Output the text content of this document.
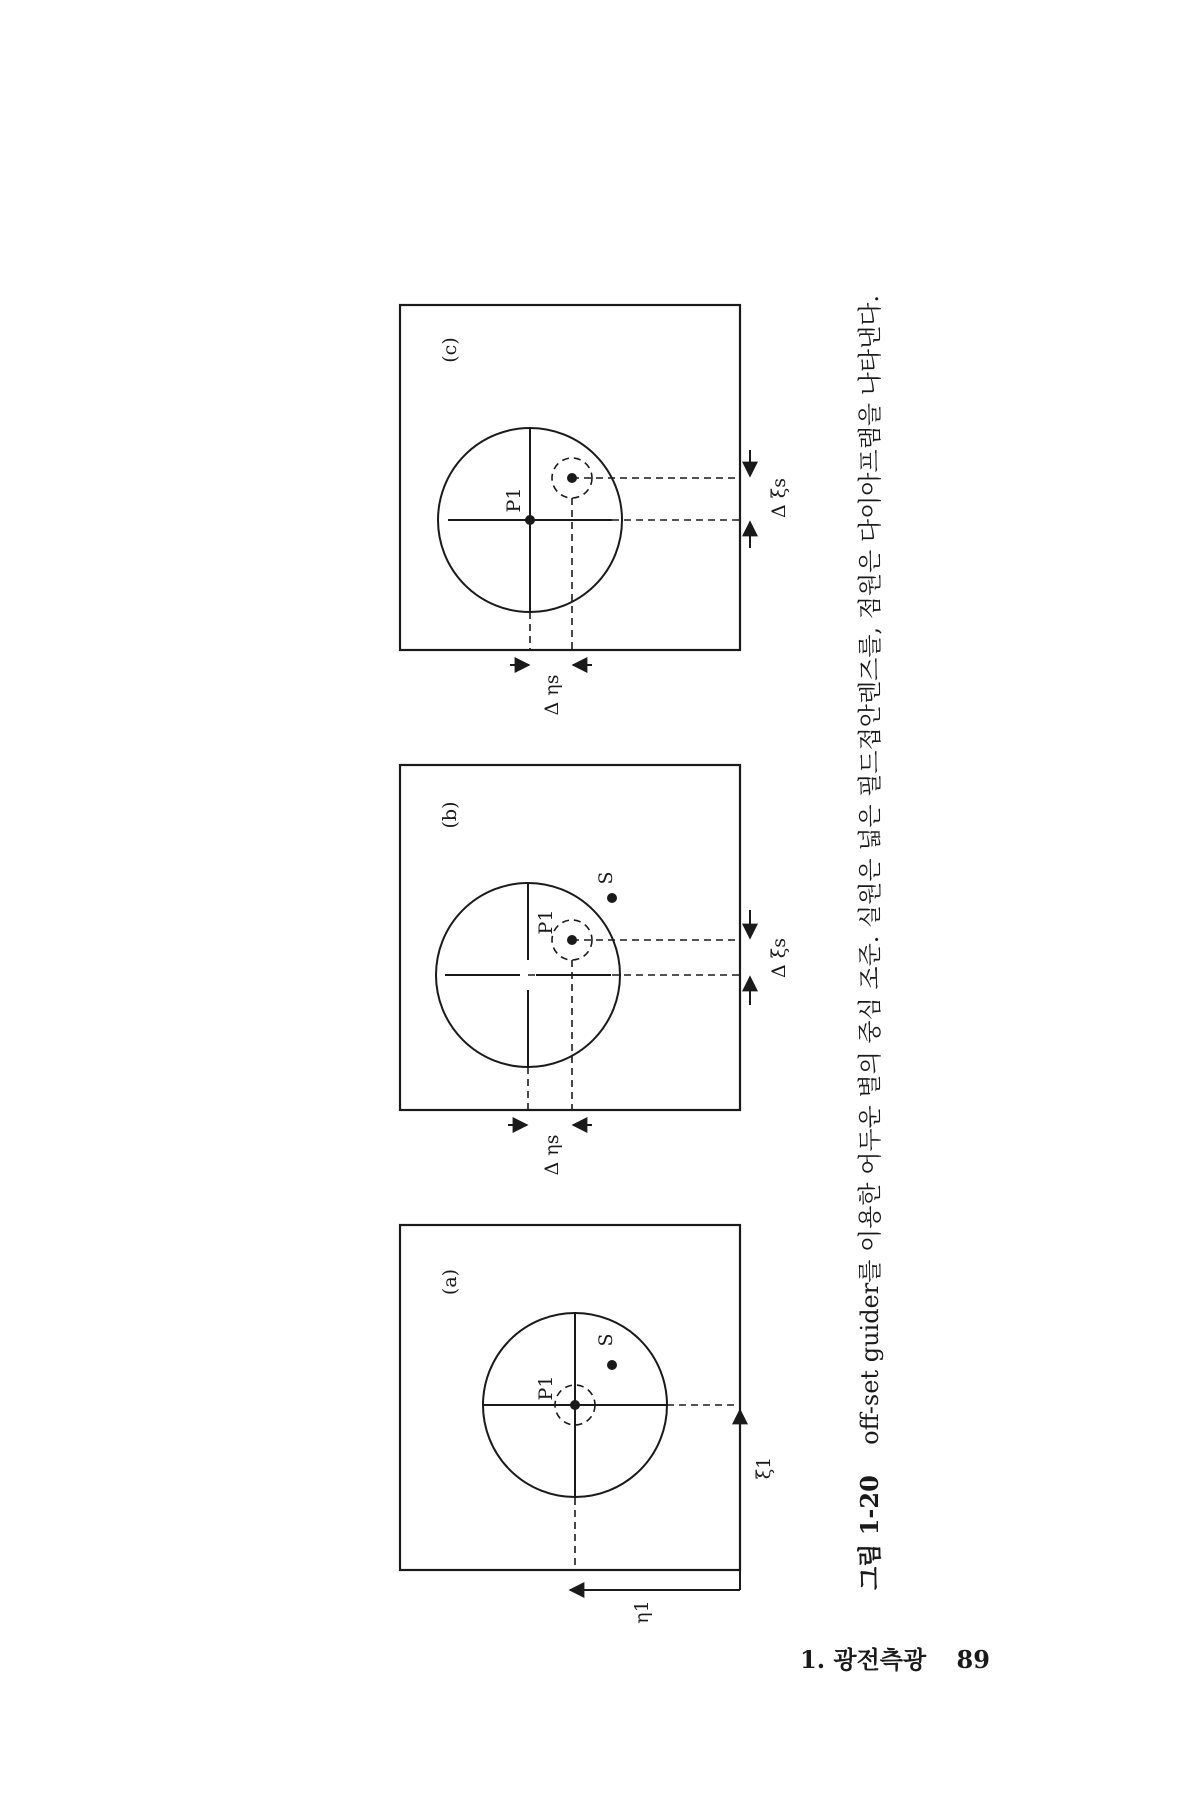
(a)
P1
S
ξ1
η1
(b)
P1
S
Δ ξs
Δ ηs
(c)
P1	Δ ξs
Δ ηs
그림 1-20 off-set guider를 이용한 어두운 별의 중심 조준. 실원은 넓은 필드접안렌즈를, 점원은 다이아프램을 나타낸다.
1. 광전측광 89
